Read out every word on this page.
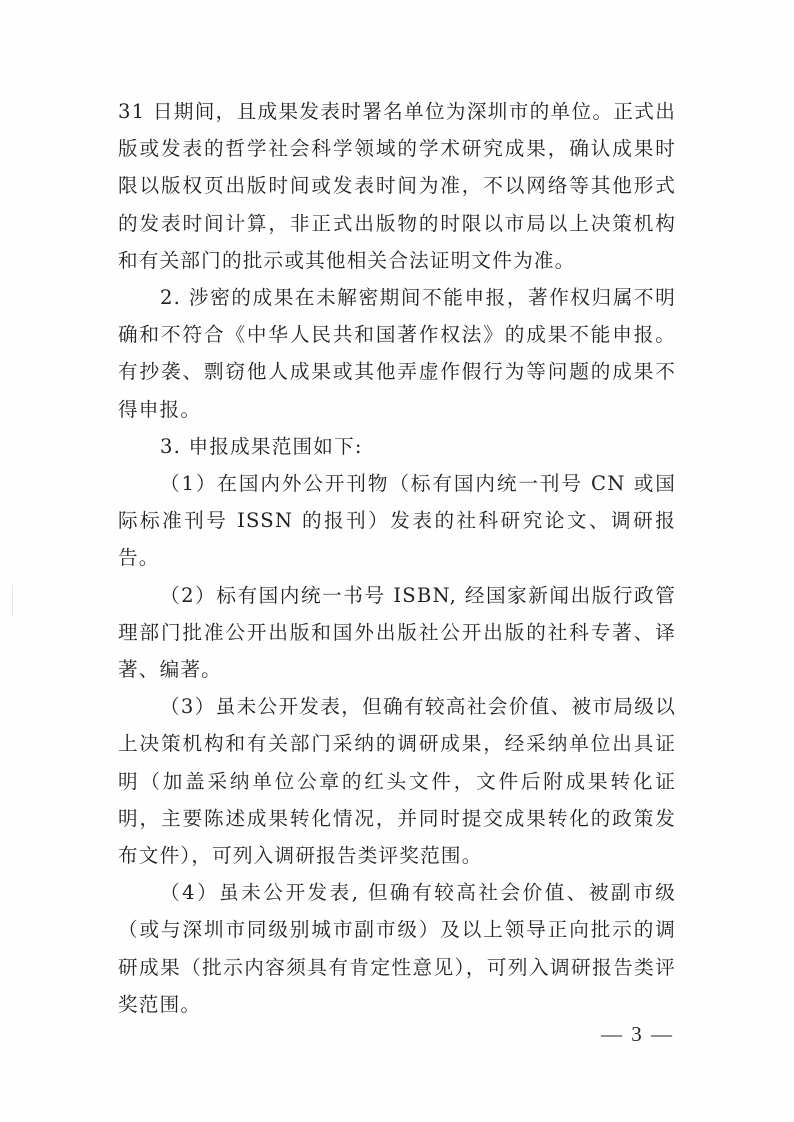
31 日期间，且成果发表时署名单位为深圳市的单位。正式出版或发表的哲学社会科学领域的学术研究成果，确认成果时限以版权页出版时间或发表时间为准，不以网络等其他形式的发表时间计算，非正式出版物的时限以市局以上决策机构和有关部门的批示或其他相关合法证明文件为准。

2. 涉密的成果在未解密期间不能申报，著作权归属不明确和不符合《中华人民共和国著作权法》的成果不能申报。有抄袭、剽窃他人成果或其他弄虚作假行为等问题的成果不得申报。

3. 申报成果范围如下:

（1）在国内外公开刊物（标有国内统一刊号 CN 或国际标准刊号 ISSN 的报刊）发表的社科研究论文、调研报告。

（2）标有国内统一书号 ISBN, 经国家新闻出版行政管理部门批准公开出版和国外出版社公开出版的社科专著、译著、编著。

（3）虽未公开发表，但确有较高社会价值、被市局级以上决策机构和有关部门采纳的调研成果，经采纳单位出具证明（加盖采纳单位公章的红头文件，文件后附成果转化证明，主要陈述成果转化情况，并同时提交成果转化的政策发布文件），可列入调研报告类评奖范围。

（4）虽未公开发表, 但确有较高社会价值、被副市级（或与深圳市同级别城市副市级）及以上领导正向批示的调研成果（批示内容须具有肯定性意见），可列入调研报告类评奖范围。

— 3 —
